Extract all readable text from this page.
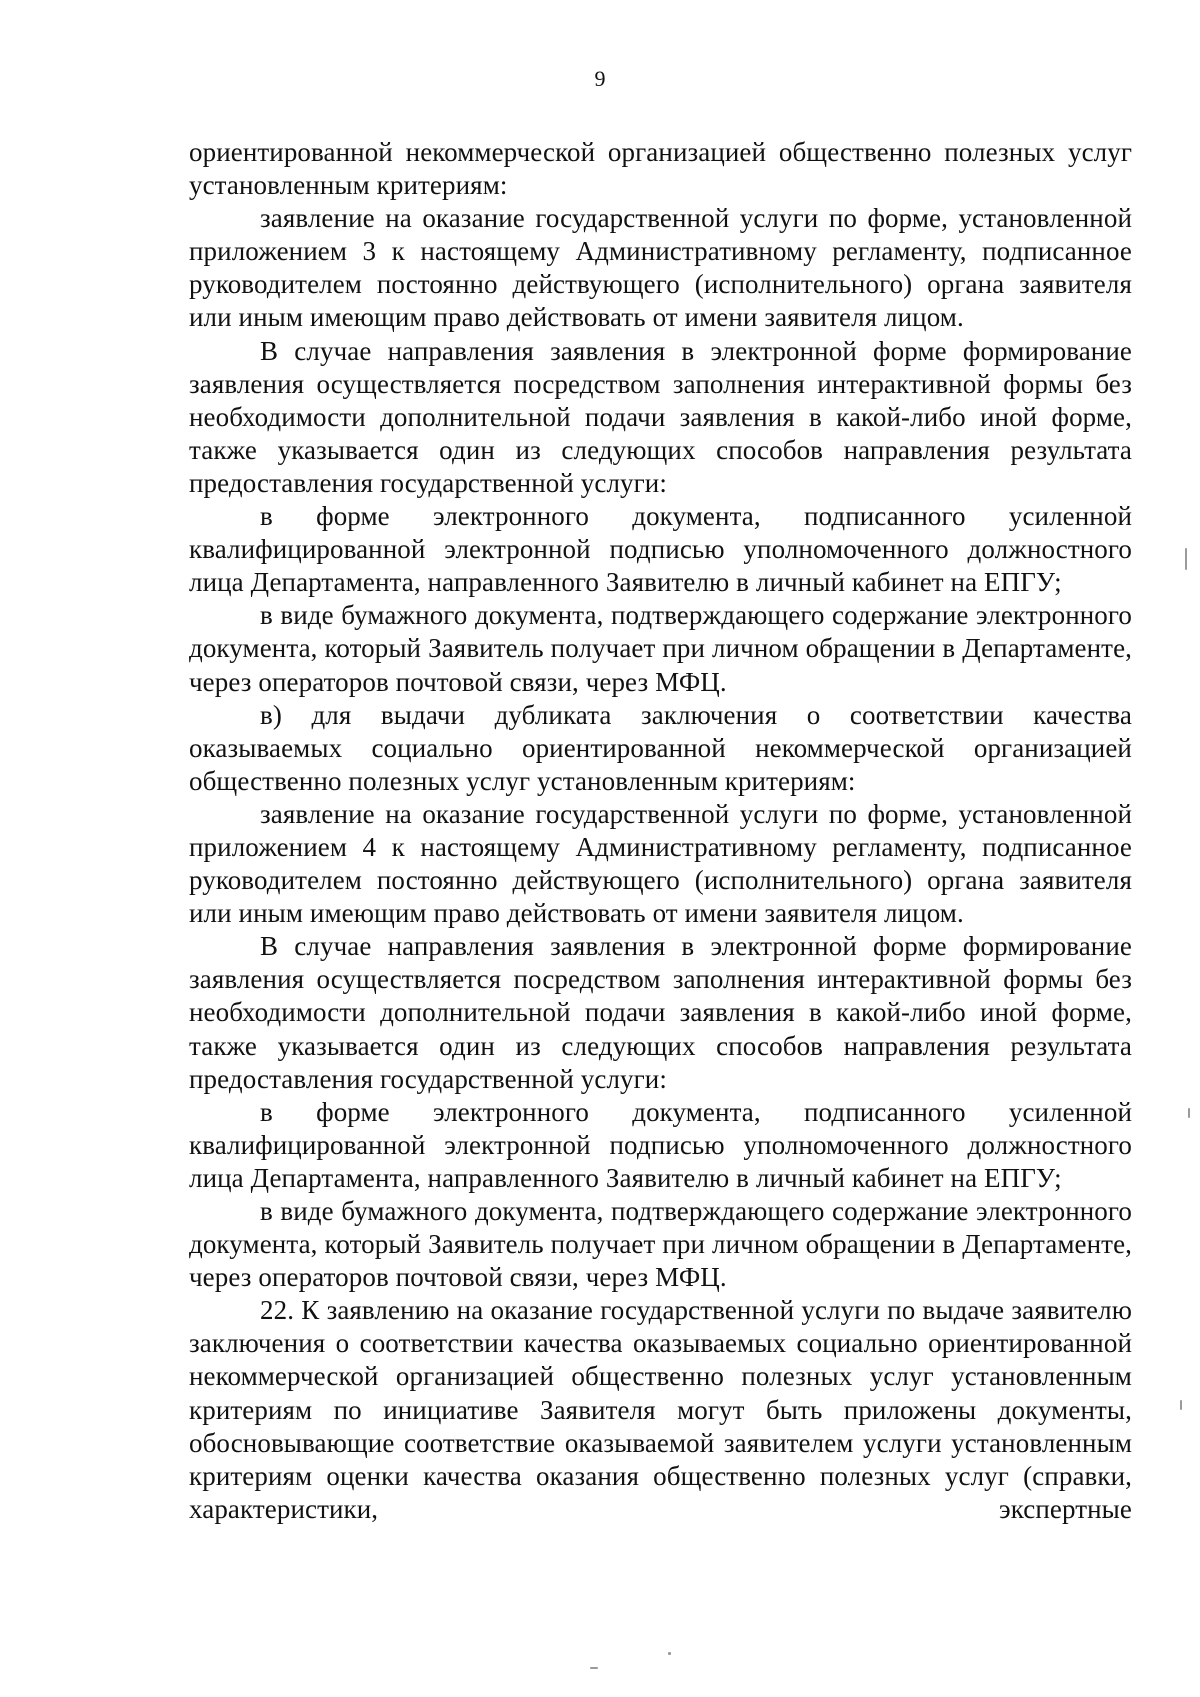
9

ориентированной некоммерческой организацией общественно полезных услуг установленным критериям:

заявление на оказание государственной услуги по форме, установленной приложением 3 к настоящему Административному регламенту, подписанное руководителем постоянно действующего (исполнительного) органа заявителя или иным имеющим право действовать от имени заявителя лицом.

В случае направления заявления в электронной форме формирование заявления осуществляется посредством заполнения интерактивной формы без необходимости дополнительной подачи заявления в какой-либо иной форме, также указывается один из следующих способов направления результата предоставления государственной услуги:

в форме электронного документа, подписанного усиленной квалифицированной электронной подписью уполномоченного должностного лица Департамента, направленного Заявителю в личный кабинет на ЕПГУ;

в виде бумажного документа, подтверждающего содержание электронного документа, который Заявитель получает при личном обращении в Департаменте, через операторов почтовой связи, через МФЦ.

в) для выдачи дубликата заключения о соответствии качества оказываемых социально ориентированной некоммерческой организацией общественно полезных услуг установленным критериям:

заявление на оказание государственной услуги по форме, установленной приложением 4 к настоящему Административному регламенту, подписанное руководителем постоянно действующего (исполнительного) органа заявителя или иным имеющим право действовать от имени заявителя лицом.

В случае направления заявления в электронной форме формирование заявления осуществляется посредством заполнения интерактивной формы без необходимости дополнительной подачи заявления в какой-либо иной форме, также указывается один из следующих способов направления результата предоставления государственной услуги:

в форме электронного документа, подписанного усиленной квалифицированной электронной подписью уполномоченного должностного лица Департамента, направленного Заявителю в личный кабинет на ЕПГУ;

в виде бумажного документа, подтверждающего содержание электронного документа, который Заявитель получает при личном обращении в Департаменте, через операторов почтовой связи, через МФЦ.

22. К заявлению на оказание государственной услуги по выдаче заявителю заключения о соответствии качества оказываемых социально ориентированной некоммерческой организацией общественно полезных услуг установленным критериям по инициативе Заявителя могут быть приложены документы, обосновывающие соответствие оказываемой заявителем услуги установленным критериям оценки качества оказания общественно полезных услуг (справки, характеристики, экспертные
